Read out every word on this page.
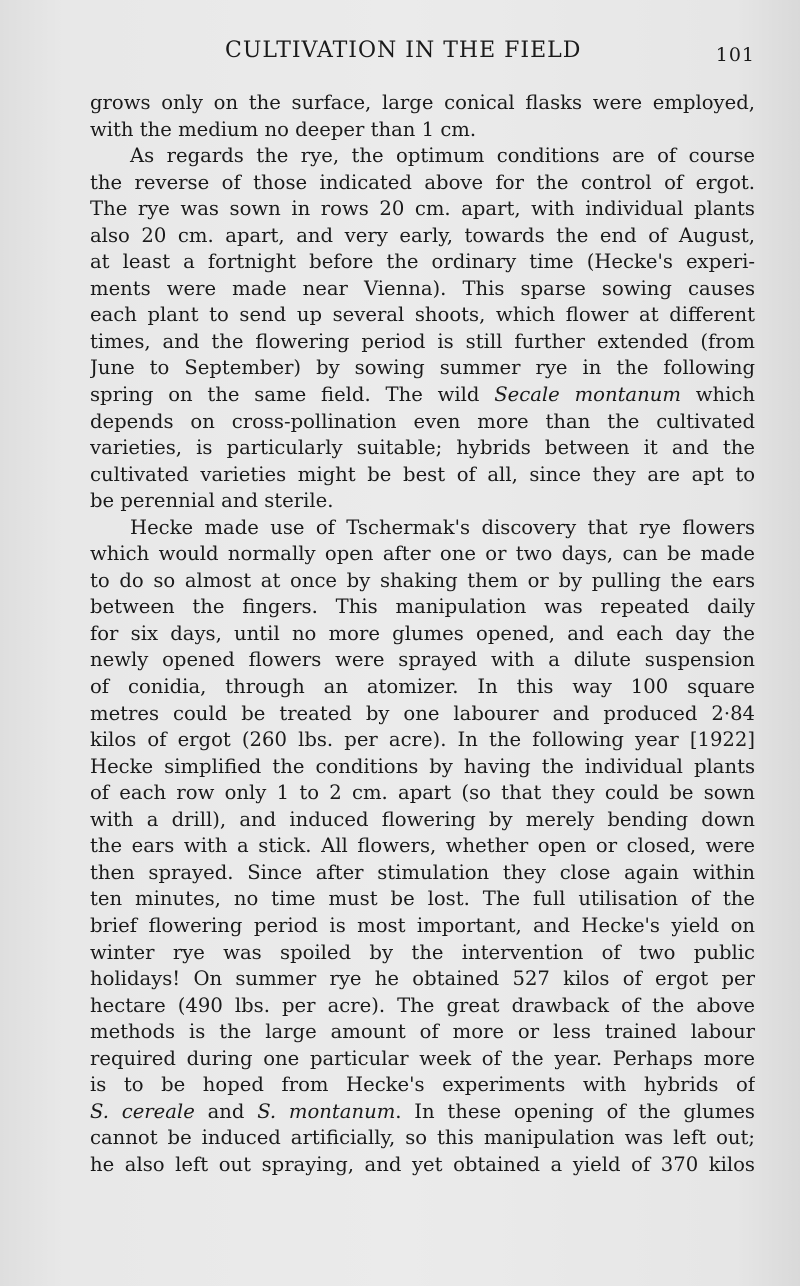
CULTIVATION IN THE FIELD	101
grows only on the surface, large conical flasks were employed,
with the medium no deeper than 1 cm.
As regards the rye, the optimum conditions are of course
the reverse of those indicated above for the control of ergot.
The rye was sown in rows 20 cm. apart, with individual plants
also 20 cm. apart, and very early, towards the end of August,
at least a fortnight before the ordinary time (Hecke's experi-
ments were made near Vienna). This sparse sowing causes
each plant to send up several shoots, which flower at different
times, and the flowering period is still further extended (from
June to September) by sowing summer rye in the following
spring on the same field. The wild Secale montanum which
depends on cross-pollination even more than the cultivated
varieties, is particularly suitable; hybrids between it and the
cultivated varieties might be best of all, since they are apt to
be perennial and sterile.
Hecke made use of Tschermak's discovery that rye flowers
which would normally open after one or two days, can be made
to do so almost at once by shaking them or by pulling the ears
between the fingers. This manipulation was repeated daily
for six days, until no more glumes opened, and each day the
newly opened flowers were sprayed with a dilute suspension
of conidia, through an atomizer. In this way 100 square
metres could be treated by one labourer and produced 2·84
kilos of ergot (260 lbs. per acre). In the following year [1922]
Hecke simplified the conditions by having the individual plants
of each row only 1 to 2 cm. apart (so that they could be sown
with a drill), and induced flowering by merely bending down
the ears with a stick. All flowers, whether open or closed, were
then sprayed. Since after stimulation they close again within
ten minutes, no time must be lost. The full utilisation of the
brief flowering period is most important, and Hecke's yield on
winter rye was spoiled by the intervention of two public
holidays! On summer rye he obtained 527 kilos of ergot per
hectare (490 lbs. per acre). The great drawback of the above
methods is the large amount of more or less trained labour
required during one particular week of the year. Perhaps more
is to be hoped from Hecke's experiments with hybrids of
S. cereale and S. montanum. In these opening of the glumes
cannot be induced artificially, so this manipulation was left out;
he also left out spraying, and yet obtained a yield of 370 kilos
